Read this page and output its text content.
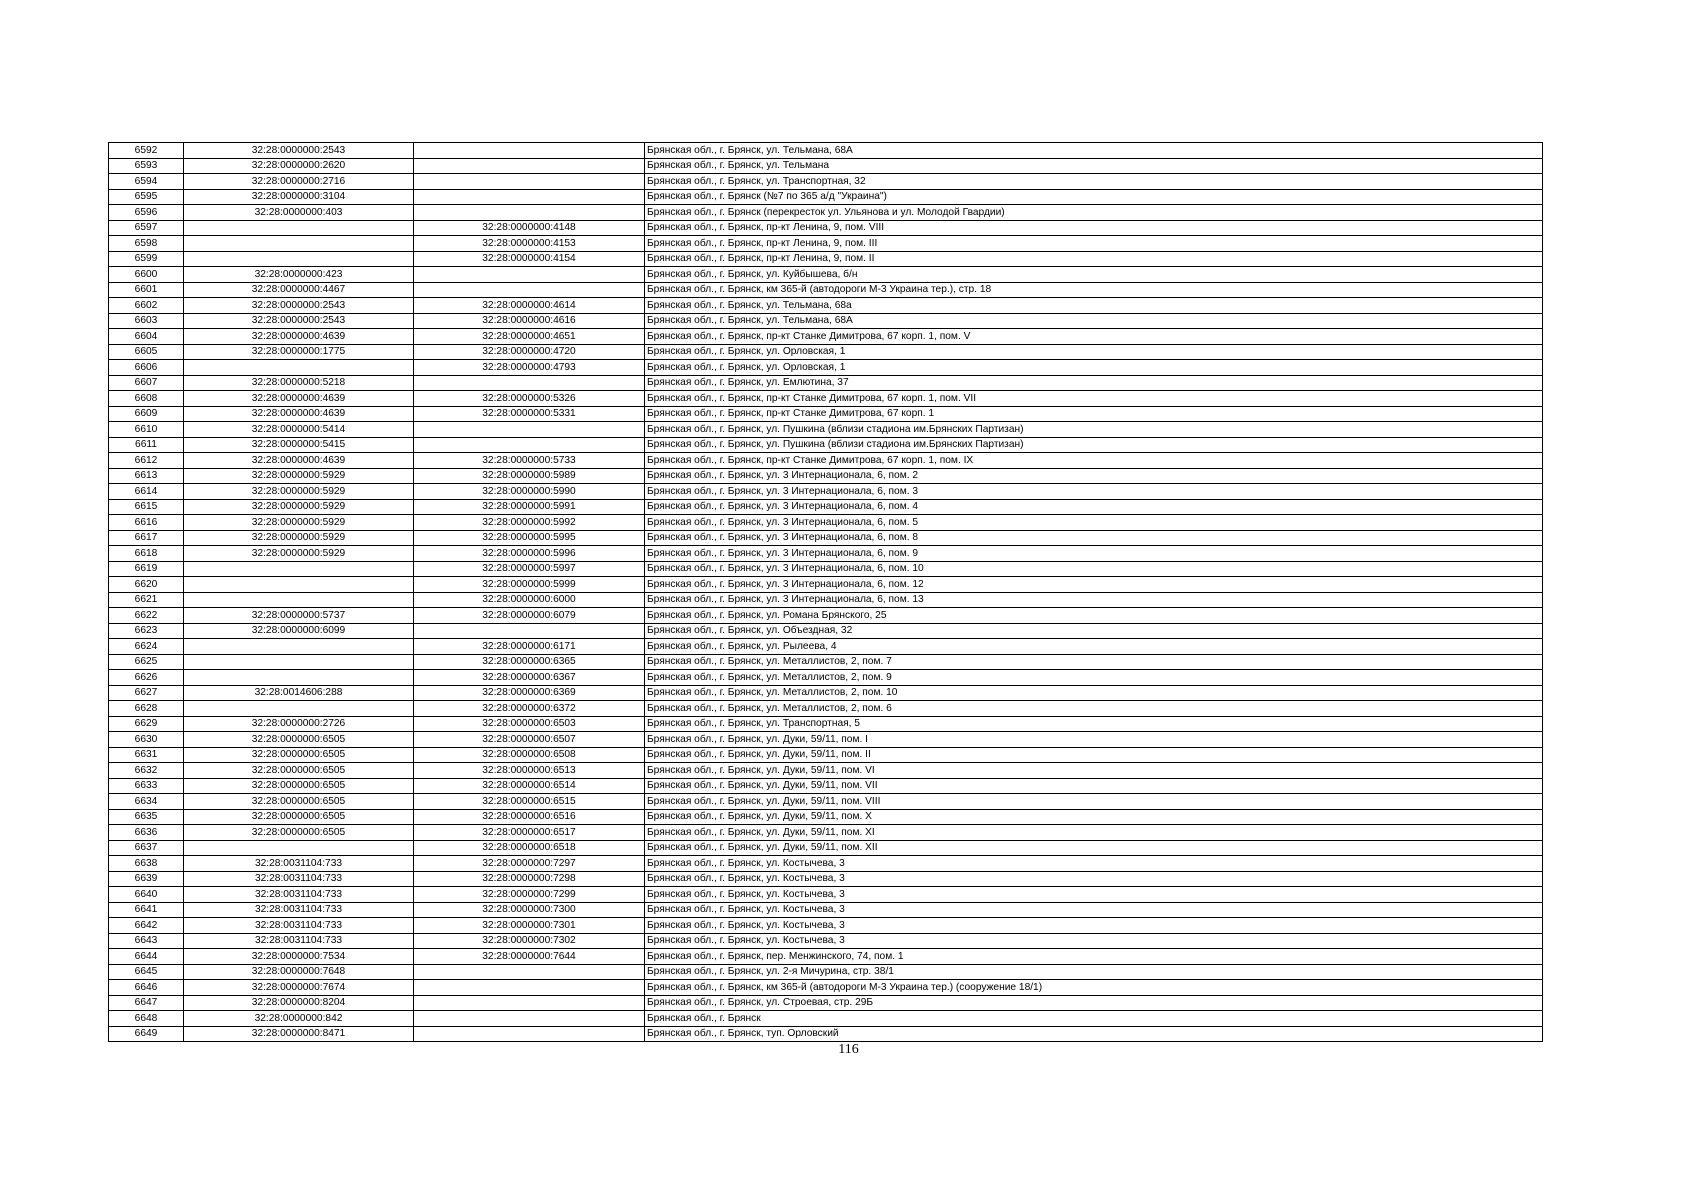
6592	32:28:0000000:2543		Брянская обл., г. Брянск, ул. Тельмана, 68А
6593	32:28:0000000:2620		Брянская обл., г. Брянск, ул. Тельмана
6594	32:28:0000000:2716		Брянская обл., г. Брянск, ул. Транспортная, 32
6595	32:28:0000000:3104		Брянская обл., г. Брянск (№7 по 365 а/д "Украина")
6596	32:28:0000000:403		Брянская обл., г. Брянск (перекресток ул. Ульянова и ул. Молодой Гвардии)
6597		32:28:0000000:4148	Брянская обл., г. Брянск, пр-кт Ленина, 9, пом. VIII
6598		32:28:0000000:4153	Брянская обл., г. Брянск, пр-кт Ленина, 9, пом. III
6599		32:28:0000000:4154	Брянская обл., г. Брянск, пр-кт Ленина, 9, пом. II
6600	32:28:0000000:423		Брянская обл., г. Брянск, ул. Куйбышева, б/н
6601	32:28:0000000:4467		Брянская обл., г. Брянск, км 365-й (автодороги М-3 Украина тер.), стр. 18
6602	32:28:0000000:2543	32:28:0000000:4614	Брянская обл., г. Брянск, ул. Тельмана, 68а
6603	32:28:0000000:2543	32:28:0000000:4616	Брянская обл., г. Брянск, ул. Тельмана, 68А
6604	32:28:0000000:4639	32:28:0000000:4651	Брянская обл., г. Брянск, пр-кт Станке Димитрова, 67 корп. 1, пом. V
6605	32:28:0000000:1775	32:28:0000000:4720	Брянская обл., г. Брянск, ул. Орловская, 1
6606		32:28:0000000:4793	Брянская обл., г. Брянск, ул. Орловская, 1
6607	32:28:0000000:5218		Брянская обл., г. Брянск, ул. Емлютина, 37
6608	32:28:0000000:4639	32:28:0000000:5326	Брянская обл., г. Брянск, пр-кт Станке Димитрова, 67 корп. 1, пом. VII
6609	32:28:0000000:4639	32:28:0000000:5331	Брянская обл., г. Брянск, пр-кт Станке Димитрова, 67 корп. 1
6610	32:28:0000000:5414		Брянская обл., г. Брянск, ул. Пушкина (вблизи стадиона им.Брянских Партизан)
6611	32:28:0000000:5415		Брянская обл., г. Брянск, ул. Пушкина (вблизи стадиона им.Брянских Партизан)
6612	32:28:0000000:4639	32:28:0000000:5733	Брянская обл., г. Брянск, пр-кт Станке Димитрова, 67 корп. 1, пом. IX
6613	32:28:0000000:5929	32:28:0000000:5989	Брянская обл., г. Брянск, ул. 3 Интернационала, 6, пом. 2
6614	32:28:0000000:5929	32:28:0000000:5990	Брянская обл., г. Брянск, ул. 3 Интернационала, 6, пом. 3
6615	32:28:0000000:5929	32:28:0000000:5991	Брянская обл., г. Брянск, ул. 3 Интернационала, 6, пом. 4
6616	32:28:0000000:5929	32:28:0000000:5992	Брянская обл., г. Брянск, ул. 3 Интернационала, 6, пом. 5
6617	32:28:0000000:5929	32:28:0000000:5995	Брянская обл., г. Брянск, ул. 3 Интернационала, 6, пом. 8
6618	32:28:0000000:5929	32:28:0000000:5996	Брянская обл., г. Брянск, ул. 3 Интернационала, 6, пом. 9
6619		32:28:0000000:5997	Брянская обл., г. Брянск, ул. 3 Интернационала, 6, пом. 10
6620		32:28:0000000:5999	Брянская обл., г. Брянск, ул. 3 Интернационала, 6, пом. 12
6621		32:28:0000000:6000	Брянская обл., г. Брянск, ул. 3 Интернационала, 6, пом. 13
6622	32:28:0000000:5737	32:28:0000000:6079	Брянская обл., г. Брянск, ул. Романа Брянского, 25
6623	32:28:0000000:6099		Брянская обл., г. Брянск, ул. Объездная, 32
6624		32:28:0000000:6171	Брянская обл., г. Брянск, ул. Рылеева, 4
6625		32:28:0000000:6365	Брянская обл., г. Брянск, ул. Металлистов, 2, пом. 7
6626		32:28:0000000:6367	Брянская обл., г. Брянск, ул. Металлистов, 2, пом. 9
6627	32:28:0014606:288	32:28:0000000:6369	Брянская обл., г. Брянск, ул. Металлистов, 2, пом. 10
6628		32:28:0000000:6372	Брянская обл., г. Брянск, ул. Металлистов, 2, пом. 6
6629	32:28:0000000:2726	32:28:0000000:6503	Брянская обл., г. Брянск, ул. Транспортная, 5
6630	32:28:0000000:6505	32:28:0000000:6507	Брянская обл., г. Брянск, ул. Дуки, 59/11, пом. I
6631	32:28:0000000:6505	32:28:0000000:6508	Брянская обл., г. Брянск, ул. Дуки, 59/11, пом. II
6632	32:28:0000000:6505	32:28:0000000:6513	Брянская обл., г. Брянск, ул. Дуки, 59/11, пом. VI
6633	32:28:0000000:6505	32:28:0000000:6514	Брянская обл., г. Брянск, ул. Дуки, 59/11, пом. VII
6634	32:28:0000000:6505	32:28:0000000:6515	Брянская обл., г. Брянск, ул. Дуки, 59/11, пом. VIII
6635	32:28:0000000:6505	32:28:0000000:6516	Брянская обл., г. Брянск, ул. Дуки, 59/11, пом. X
6636	32:28:0000000:6505	32:28:0000000:6517	Брянская обл., г. Брянск, ул. Дуки, 59/11, пом. XI
6637		32:28:0000000:6518	Брянская обл., г. Брянск, ул. Дуки, 59/11, пом. XII
6638	32:28:0031104:733	32:28:0000000:7297	Брянская обл., г. Брянск, ул. Костычева, 3
6639	32:28:0031104:733	32:28:0000000:7298	Брянская обл., г. Брянск, ул. Костычева, 3
6640	32:28:0031104:733	32:28:0000000:7299	Брянская обл., г. Брянск, ул. Костычева, 3
6641	32:28:0031104:733	32:28:0000000:7300	Брянская обл., г. Брянск, ул. Костычева, 3
6642	32:28:0031104:733	32:28:0000000:7301	Брянская обл., г. Брянск, ул. Костычева, 3
6643	32:28:0031104:733	32:28:0000000:7302	Брянская обл., г. Брянск, ул. Костычева, 3
6644	32:28:0000000:7534	32:28:0000000:7644	Брянская обл., г. Брянск, пер. Менжинского, 74, пом. 1
6645	32:28:0000000:7648		Брянская обл., г. Брянск, ул. 2-я Мичурина, стр. 38/1
6646	32:28:0000000:7674		Брянская обл., г. Брянск, км 365-й (автодороги М-3 Украина тер.) (сооружение 18/1)
6647	32:28:0000000:8204		Брянская обл., г. Брянск, ул. Строевая, стр. 29Б
6648	32:28:0000000:842		Брянская обл., г. Брянск
6649	32:28:0000000:8471		Брянская обл., г. Брянск, туп. Орловский
116
